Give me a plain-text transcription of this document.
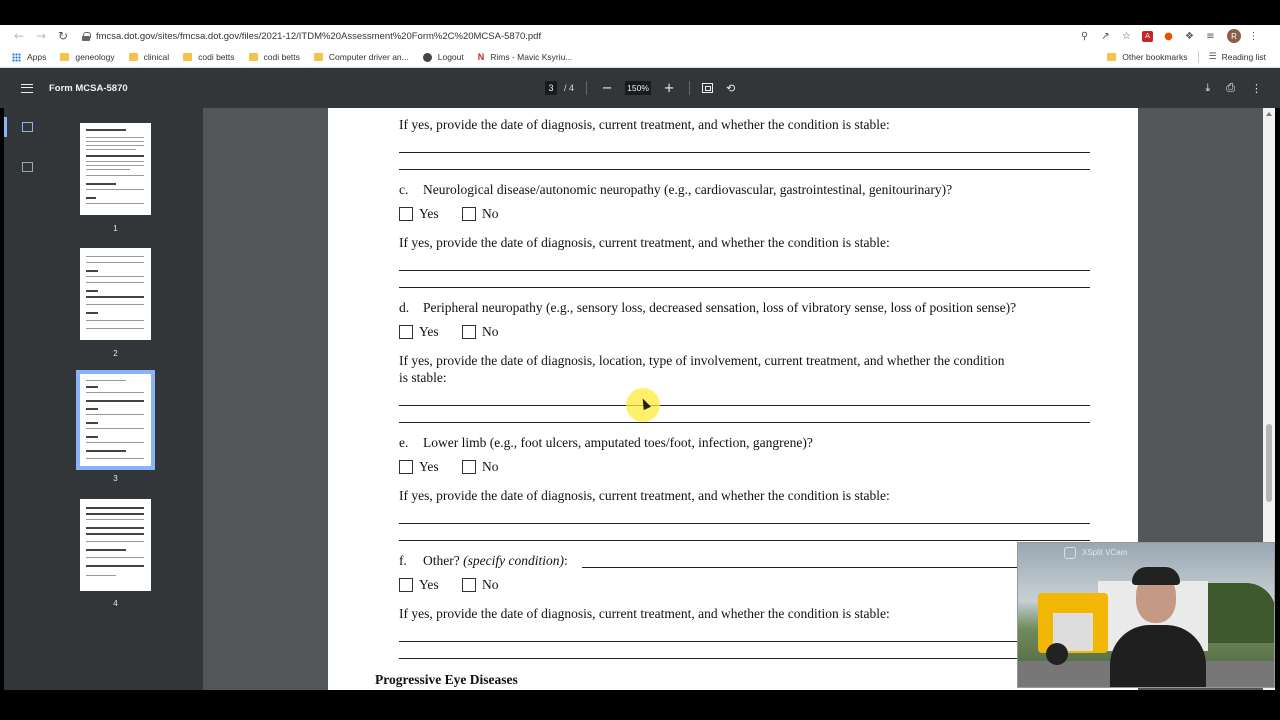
← → ↻	fmcsa.dot.gov/sites/fmcsa.dot.gov/files/2021-12/ITDM%20Assessment%20Form%2C%20MCSA-5870.pdf	⚲	↗	☆	A	●	❖	≡	R	⋮
Apps	geneology	clinical	codi betts	codi betts	Computer driver an...	Logout N Rims - Mavic Ksyriu...	Other bookmarks ☰ Reading list
Form MCSA-5870	3	/ 4 − 150% +	⟲	⤓ ⎙ ⋮
1
2
3
4
If yes, provide the date of diagnosis, current treatment, and whether the condition is stable:
c. Neurological disease/autonomic neuropathy (e.g., cardiovascular, gastrointestinal, genitourinary)?
Yes	No
If yes, provide the date of diagnosis, current treatment, and whether the condition is stable:
d. Peripheral neuropathy (e.g., sensory loss, decreased sensation, loss of vibratory sense, loss of position sense)?
Yes	No
If yes, provide the date of diagnosis, location, type of involvement, current treatment, and whether the condition
is stable:
e. Lower limb (e.g., foot ulcers, amputated toes/foot, infection, gangrene)?
Yes	No
If yes, provide the date of diagnosis, current treatment, and whether the condition is stable:
f. Other? (specify condition):
Yes	No
If yes, provide the date of diagnosis, current treatment, and whether the condition is stable:
Progressive Eye Diseases
XSplit VCam
